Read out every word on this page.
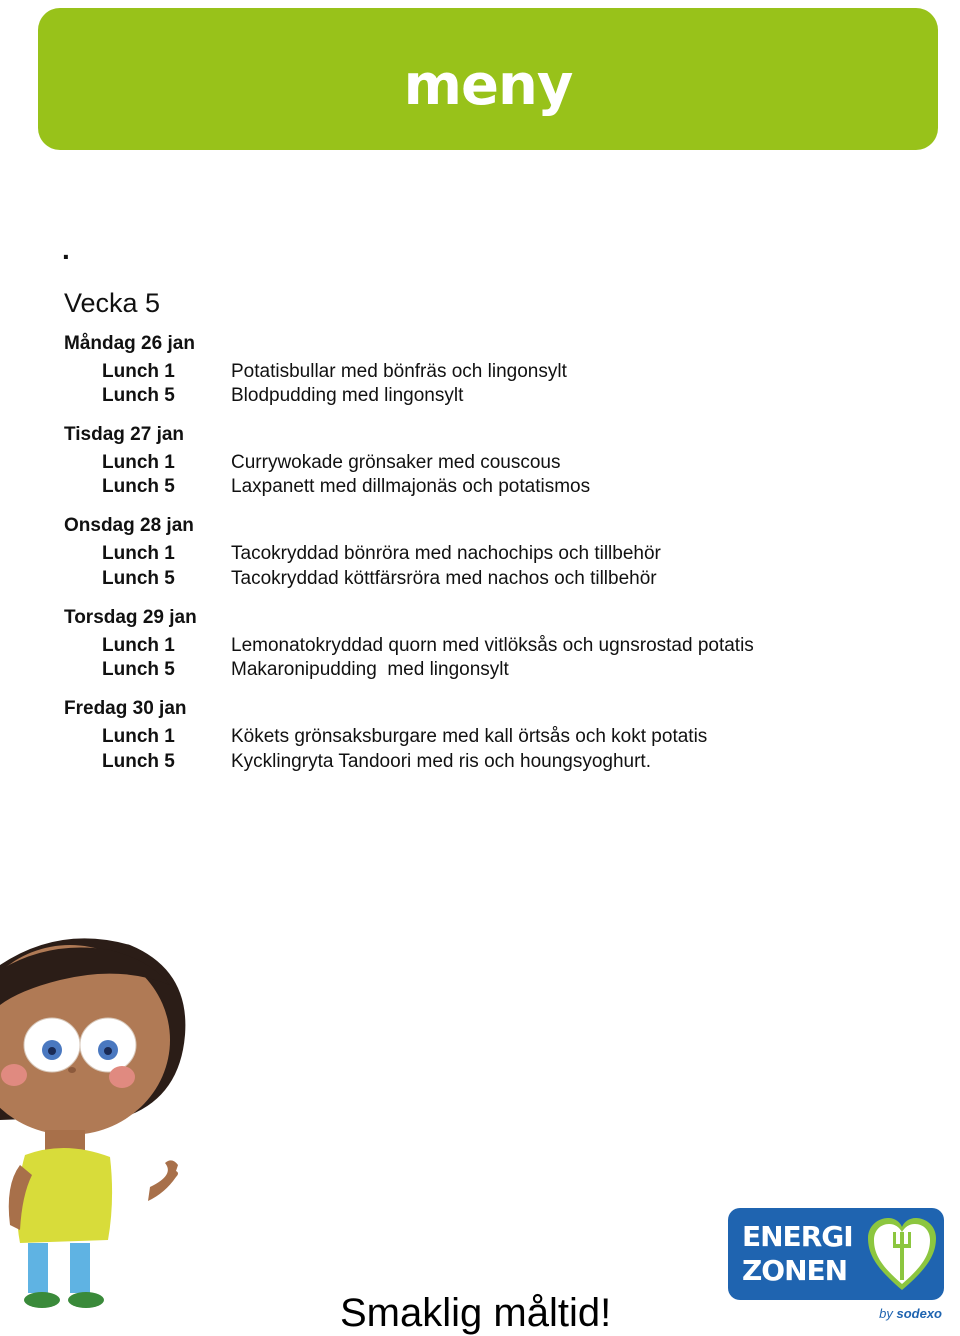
meny
.
Vecka 5
Måndag 26 jan
Lunch 1	Potatisbullar med bönfräs och lingonsylt
Lunch 5	Blodpudding med lingonsylt
Tisdag 27 jan
Lunch 1	Currywokade grönsaker med couscous
Lunch 5	Laxpanett med dillmajonäs och potatismos
Onsdag 28 jan
Lunch 1	Tacokryddad bönröra med nachochips och tillbehör
Lunch 5	Tacokryddad köttfärsröra med nachos och tillbehör
Torsdag 29 jan
Lunch 1	Lemonatokryddad quorn med vitlöksås och ugnsrostad potatis
Lunch 5	Makaronipudding  med lingonsylt
Fredag 30 jan
Lunch 1	Kökets grönsaksburgare med kall örtsås och kokt potatis
Lunch 5	Kycklingryta Tandoori med ris och houngsyoghurt.
Smaklig måltid!
ENERGI
ZONEN
by sodexo
